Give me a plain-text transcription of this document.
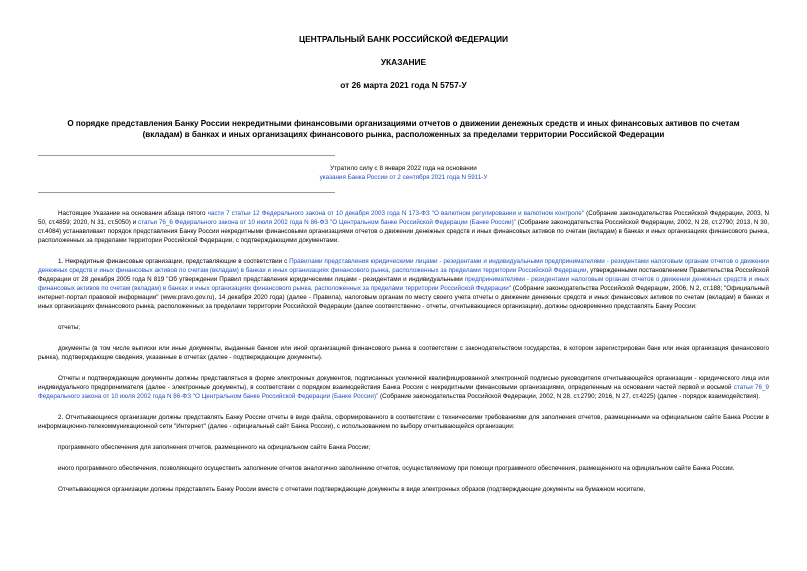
ЦЕНТРАЛЬНЫЙ БАНК РОССИЙСКОЙ ФЕДЕРАЦИИ
УКАЗАНИЕ
от 26 марта 2021 года N 5757-У
О порядке представления Банку России некредитными финансовыми организациями отчетов о движении денежных средств и иных финансовых активов по счетам (вкладам) в банках и иных организациях финансового рынка, расположенных за пределами территории Российской Федерации
Утратило силу с 8 января 2022 года на основании
указания Банка России от 2 сентября 2021 года N 5911-У

Настоящее Указание на основании абзаца пятого части 7 статьи 12 Федерального закона от 10 декабря 2003 года N 173-ФЗ "О валютном регулировании и валютном контроле" (Собрание законодательства Российской Федерации, 2003, N 50, ст.4859; 2020, N 31, ст.5050) и статьи 76_6 Федерального закона от 10 июля 2002 года N 86-ФЗ "О Центральном банке Российской Федерации (Банке России)" (Собрание законодательства Российской Федерации, 2002, N 28, ст.2790; 2013, N 30, ст.4084) устанавливает порядок представления Банку России некредитными финансовыми организациями отчетов о движении денежных средств и иных финансовых активов по счетам (вкладам) в банках и иных организациях финансового рынка, расположенных за пределами территории Российской Федерации, с подтверждающими документами.

1. Некредитные финансовые организации, представляющие в соответствии с Правилами представления юридическими лицами - резидентами и индивидуальными предпринимателями - резидентами налоговым органам отчетов о движении денежных средств и иных финансовых активов по счетам (вкладам) в банках и иных организациях финансового рынка, расположенных за пределами территории Российской Федерации, утвержденными постановлением Правительства Российской Федерации от 28 декабря 2005 года N 819 "Об утверждении Правил представления юридическими лицами - резидентами и индивидуальными предпринимателями - резидентами налоговым органам отчетов о движении денежных средств и иных финансовых активов по счетам (вкладам) в банках и иных организациях финансового рынка, расположенных за пределами территории Российской Федерации" (Собрание законодательства Российской Федерации, 2006, N 2, ст.188; "Официальный интернет-портал правовой информации" (www.pravo.gov.ru), 14 декабря 2020 года) (далее - Правила), налоговым органам по месту своего учета отчеты о движении денежных средств и иных финансовых активов по счетам (вкладам) в банках и иных организациях финансового рынка, расположенных за пределами территории Российской Федерации (далее соответственно - отчеты, отчитывающиеся организации), должны одновременно представлять Банку России:

отчеты;

документы (в том числе выписки или иные документы, выданные банком или иной организацией финансового рынка в соответствии с законодательством государства, в котором зарегистрирован банк или иная организация финансового рынка), подтверждающие сведения, указанные в отчетах (далее - подтверждающие документы).

Отчеты и подтверждающие документы должны представляться в форме электронных документов, подписанных усиленной квалифицированной электронной подписью руководителя отчитывающейся организации - юридического лица или индивидуального предпринимателя (далее - электронные документы), в соответствии с порядком взаимодействия Банка России с некредитными финансовыми организациями, определенным на основании частей первой и восьмой статьи 76_9 Федерального закона от 10 июля 2002 года N 86-ФЗ "О Центральном банке Российской Федерации (Банке России)" (Собрание законодательства Российской Федерации, 2002, N 28, ст.2790; 2016, N 27, ст.4225) (далее - порядок взаимодействия).

2. Отчитывающиеся организации должны представлять Банку России отчеты в виде файла, сформированного в соответствии с техническими требованиями для заполнения отчетов, размещенными на официальном сайте Банка России в информационно-телекоммуникационной сети "Интернет" (далее - официальный сайт Банка России), с использованием по выбору отчитывающейся организации:

программного обеспечения для заполнения отчетов, размещенного на официальном сайте Банка России;

иного программного обеспечения, позволяющего осуществить заполнение отчетов аналогично заполнению отчетов, осуществляемому при помощи программного обеспечения, размещенного на официальном сайте Банка России.

Отчитывающиеся организации должны представлять Банку России вместе с отчетами подтверждающие документы в виде электронных образов (подтверждающие документы на бумажном носителе,
